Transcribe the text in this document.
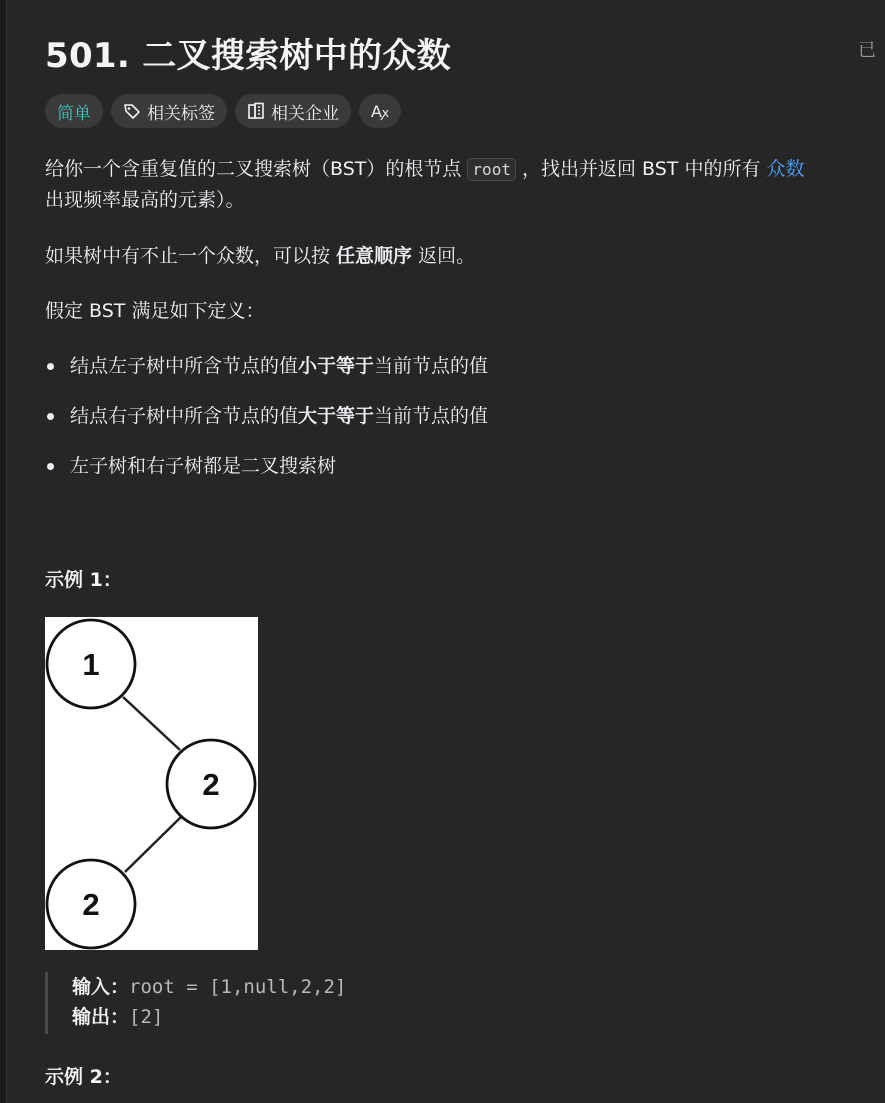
501. 二叉搜索树中的众数	已
简单	相关标签	相关企业 Aꭗ
给你一个含重复值的二叉搜索树（BST）的根节点 root ，找出并返回 BST 中的所有 众数
出现频率最高的元素）。
如果树中有不止一个众数，可以按 任意顺序 返回。
假定 BST 满足如下定义：
结点左子树中所含节点的值 小于等于 当前节点的值
结点右子树中所含节点的值 大于等于 当前节点的值
左子树和右子树都是二叉搜索树
示例 1：
1
2
2
输入：root = [1,null,2,2]
输出：[2]
示例 2：
